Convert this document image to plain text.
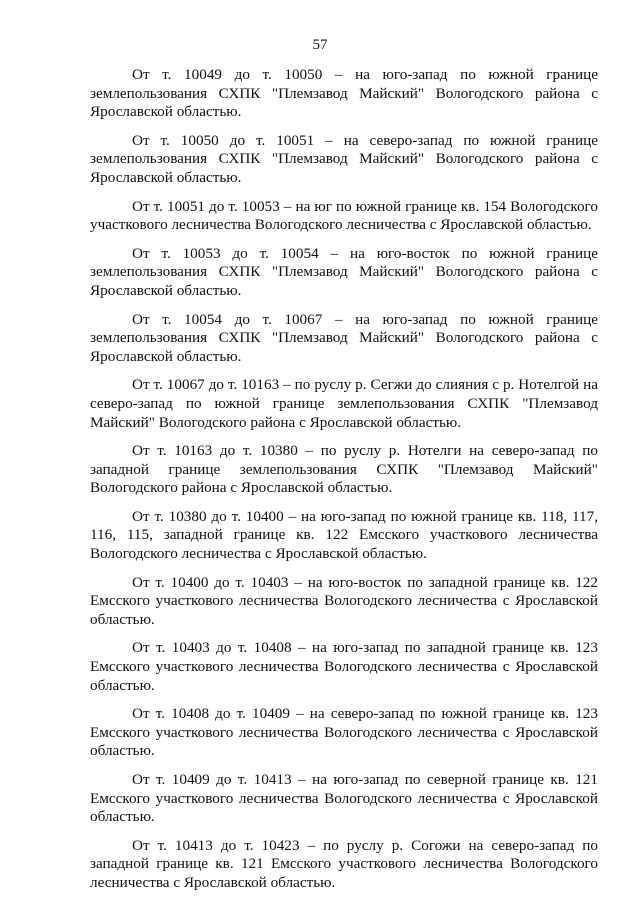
57

От т. 10049 до т. 10050 – на юго-запад по южной границе землепользования СХПК "Племзавод Майский" Вологодского района с Ярославской областью.

От т. 10050 до т. 10051 – на северо-запад по южной границе землепользования СХПК "Племзавод Майский" Вологодского района с Ярославской областью.

От т. 10051 до т. 10053 – на юг по южной границе кв. 154 Вологодского участкового лесничества Вологодского лесничества с Ярославской областью.

От т. 10053 до т. 10054 – на юго-восток по южной границе землепользования СХПК "Племзавод Майский" Вологодского района с Ярославской областью.

От т. 10054 до т. 10067 – на юго-запад по южной границе землепользования СХПК "Племзавод Майский" Вологодского района с Ярославской областью.

От т. 10067 до т. 10163 – по руслу р. Сегжи до слияния с р. Нотелгой на северо-запад по южной границе землепользования СХПК "Племзавод Майский" Вологодского района с Ярославской областью.

От т. 10163 до т. 10380 – по руслу р. Нотелги на северо-запад по западной границе землепользования СХПК "Племзавод Майский" Вологодского района с Ярославской областью.

От т. 10380 до т. 10400 – на юго-запад по южной границе кв. 118, 117, 116, 115, западной границе кв. 122 Емсского участкового лесничества Вологодского лесничества с Ярославской областью.

От т. 10400 до т. 10403 – на юго-восток по западной границе кв. 122 Емсского участкового лесничества Вологодского лесничества с Ярославской областью.

От т. 10403 до т. 10408 – на юго-запад по западной границе кв. 123 Емсского участкового лесничества Вологодского лесничества с Ярославской областью.

От т. 10408 до т. 10409 – на северо-запад по южной границе кв. 123 Емсского участкового лесничества Вологодского лесничества с Ярославской областью.

От т. 10409 до т. 10413 – на юго-запад по северной границе кв. 121 Емсского участкового лесничества Вологодского лесничества с Ярославской областью.

От т. 10413 до т. 10423 – по руслу р. Согожи на северо-запад по западной границе кв. 121 Емсского участкового лесничества Вологодского лесничества с Ярославской областью.
